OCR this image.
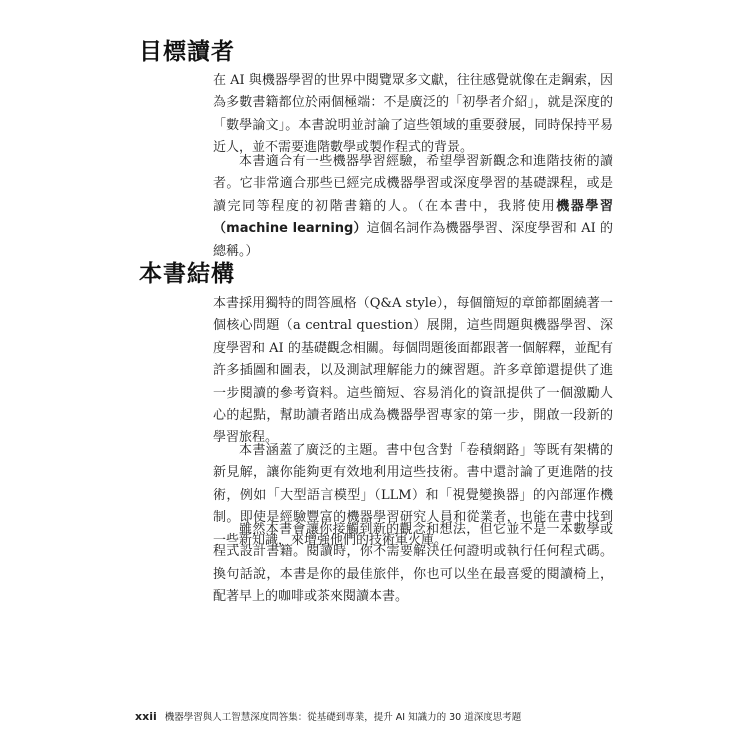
目標讀者

在 AI 與機器學習的世界中閱覽眾多文獻，往往感覺就像在走鋼索，因為多數書籍都位於兩個極端：不是廣泛的「初學者介紹」，就是深度的「數學論文」。本書說明並討論了這些領域的重要發展，同時保持平易近人，並不需要進階數學或製作程式的背景。

本書適合有一些機器學習經驗，希望學習新觀念和進階技術的讀者。它非常適合那些已經完成機器學習或深度學習的基礎課程，或是讀完同等程度的初階書籍的人。（在本書中，我將使用機器學習（machine learning）這個名詞作為機器學習、深度學習和 AI 的總稱。）

本書結構

本書採用獨特的問答風格（Q&A style），每個簡短的章節都圍繞著一個核心問題（a central question）展開，這些問題與機器學習、深度學習和 AI 的基礎觀念相關。每個問題後面都跟著一個解釋，並配有許多插圖和圖表，以及測試理解能力的練習題。許多章節還提供了進一步閱讀的參考資料。這些簡短、容易消化的資訊提供了一個激勵人心的起點，幫助讀者踏出成為機器學習專家的第一步，開啟一段新的學習旅程。

本書涵蓋了廣泛的主題。書中包含對「卷積網路」等既有架構的新見解，讓你能夠更有效地利用這些技術。書中還討論了更進階的技術，例如「大型語言模型」（LLM）和「視覺變換器」的內部運作機制。即使是經驗豐富的機器學習研究人員和從業者，也能在書中找到一些新知識，來增強他們的技術軍火庫。

雖然本書會讓你接觸到新的觀念和想法，但它並不是一本數學或程式設計書籍。閱讀時，你不需要解決任何證明或執行任何程式碼。換句話說，本書是你的最佳旅伴，你也可以坐在最喜愛的閱讀椅上，配著早上的咖啡或茶來閱讀本書。

xxii 機器學習與人工智慧深度問答集：從基礎到專業，提升 AI 知識力的 30 道深度思考題
